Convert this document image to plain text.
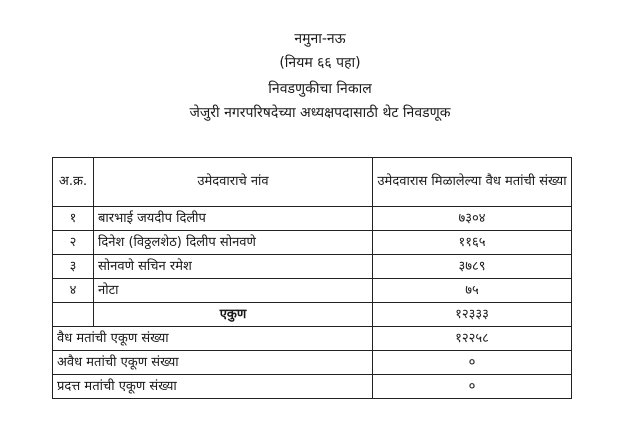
नमुना-नऊ
(नियम ६६ पहा)
निवडणुकीचा निकाल
जेजुरी नगरपरिषदेच्या अध्यक्षपदासाठी थेट निवडणूक
अ.क्र.	उमेदवाराचे नांव	उमेदवारास मिळालेल्या वैध मतांची संख्या
१	बारभाई जयदीप दिलीप	७३०४
२	दिनेश (विठ्ठलशेठ) दिलीप सोनवणे	११६५
३	सोनवणे सचिन रमेश	३७८९
४	नोटा	७५
	एकुण	१२३३३
वैध मतांची एकूण संख्या		१२२५८
अवैध मतांची एकूण संख्या		०
प्रदत्त मतांची एकूण संख्या		०
